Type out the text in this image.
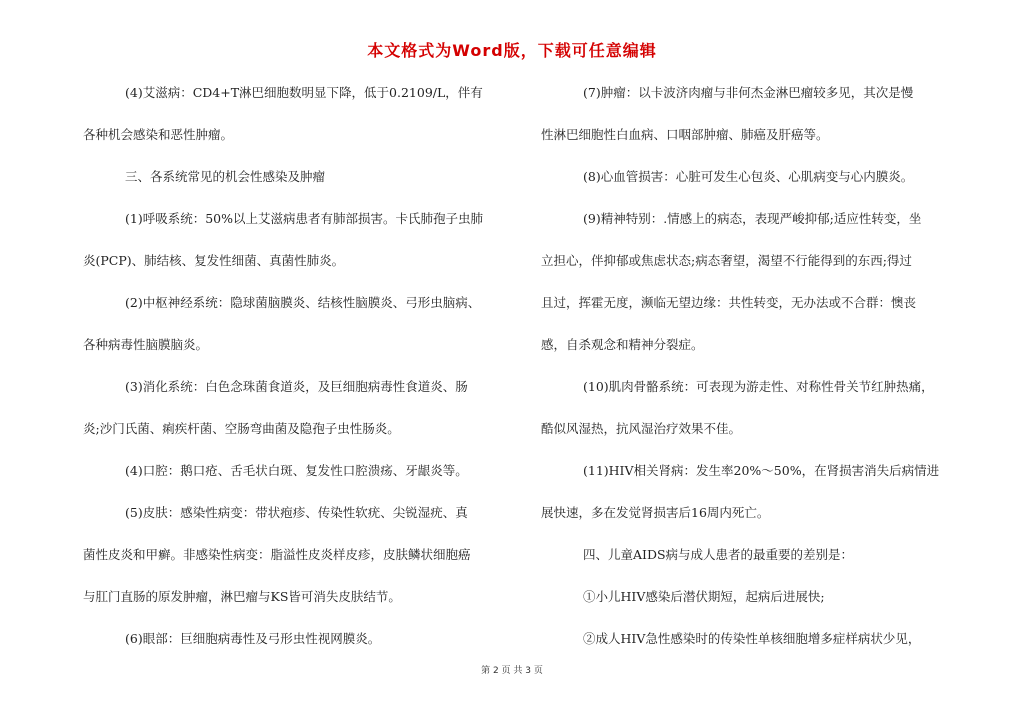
本文格式为Word版，下载可任意编辑
(4)艾滋病：CD4+T淋巴细胞数明显下降，低于0.2109/L，伴有
各种机会感染和恶性肿瘤。
三、各系统常见的机会性感染及肿瘤
(1)呼吸系统：50%以上艾滋病患者有肺部损害。卡氏肺孢子虫肺
炎(PCP)、肺结核、复发性细菌、真菌性肺炎。
(2)中枢神经系统：隐球菌脑膜炎、结核性脑膜炎、弓形虫脑病、
各种病毒性脑膜脑炎。
(3)消化系统：白色念珠菌食道炎，及巨细胞病毒性食道炎、肠
炎;沙门氏菌、痢疾杆菌、空肠弯曲菌及隐孢子虫性肠炎。
(4)口腔：鹅口疮、舌毛状白斑、复发性口腔溃疡、牙龈炎等。
(5)皮肤：感染性病变：带状疱疹、传染性软疣、尖锐湿疣、真
菌性皮炎和甲癣。非感染性病变：脂溢性皮炎样皮疹，皮肤鳞状细胞癌
与肛门直肠的原发肿瘤，淋巴瘤与KS皆可消失皮肤结节。
(6)眼部：巨细胞病毒性及弓形虫性视网膜炎。
(7)肿瘤：以卡波济肉瘤与非何杰金淋巴瘤较多见，其次是慢
性淋巴细胞性白血病、口咽部肿瘤、肺癌及肝癌等。
(8)心血管损害：心脏可发生心包炎、心肌病变与心内膜炎。
(9)精神特别：.情感上的病态，表现严峻抑郁;适应性转变，坐
立担心，伴抑郁或焦虑状态;病态奢望，渴望不行能得到的东西;得过
且过，挥霍无度，濒临无望边缘：共性转变，无办法或不合群：懊丧
感，自杀观念和精神分裂症。
(10)肌肉骨骼系统：可表现为游走性、对称性骨关节红肿热痛，
酷似风湿热，抗风湿治疗效果不佳。
(11)HIV相关肾病：发生率20%～50%，在肾损害消失后病情进
展快速，多在发觉肾损害后16周内死亡。
四、儿童AIDS病与成人患者的最重要的差别是：
①小儿HIV感染后潜伏期短，起病后进展快;
②成人HIV急性感染时的传染性单核细胞增多症样病状少见，
第 2 页 共 3 页
